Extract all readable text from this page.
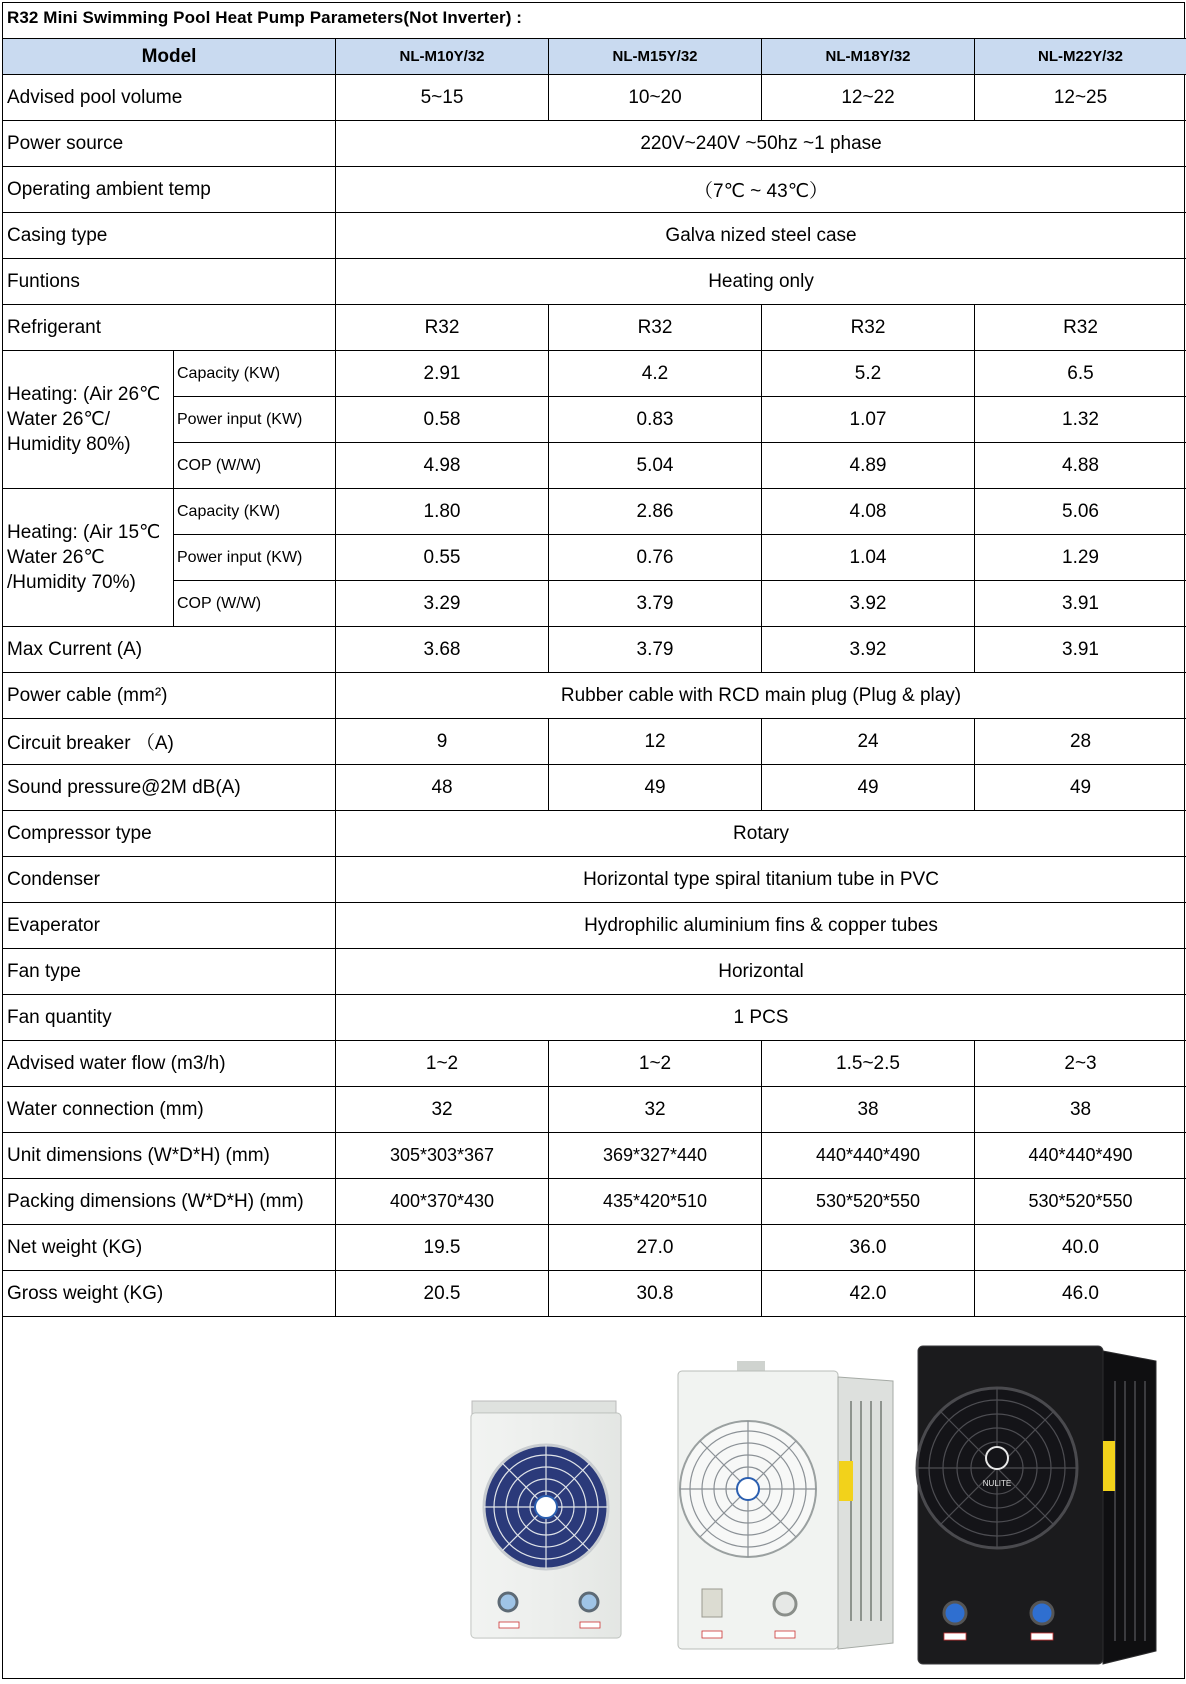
R32 Mini Swimming Pool Heat Pump Parameters(Not Inverter) :
Model		NL-M10Y/32	NL-M15Y/32	NL-M18Y/32	NL-M22Y/32
Advised pool volume		5~15	10~20	12~22	12~25
Power source		220V~240V ~50hz ~1 phase			
Operating ambient temp		（7℃ ~ 43℃）			
Casing type		Galva nized steel case			
Funtions		Heating only			
Refrigerant		R32	R32	R32	R32
Heating: (Air 26℃ Water 26℃/ Humidity 80%)	Capacity (KW)	2.91	4.2	5.2	6.5
	Power input (KW)	0.58	0.83	1.07	1.32
	COP (W/W)	4.98	5.04	4.89	4.88
Heating: (Air 15℃ Water 26℃ /Humidity 70%)	Capacity (KW)	1.80	2.86	4.08	5.06
	Power input (KW)	0.55	0.76	1.04	1.29
	COP (W/W)	3.29	3.79	3.92	3.91
Max Current (A)		3.68	3.79	3.92	3.91
Power cable (mm²)		Rubber cable with RCD main plug (Plug & play)			
Circuit breaker （A)		9	12	24	28
Sound pressure@2M dB(A)		48	49	49	49
Compressor type		Rotary			
Condenser		Horizontal type spiral titanium tube in PVC			
Evaperator		Hydrophilic aluminium fins & copper tubes			
Fan type		Horizontal			
Fan quantity		1 PCS			
Advised water flow (m3/h)		1~2	1~2	1.5~2.5	2~3
Water connection (mm)		32	32	38	38
Unit dimensions (W*D*H) (mm)		305*303*367	369*327*440	440*440*490	440*440*490
Packing dimensions (W*D*H) (mm)		400*370*430	435*420*510	530*520*550	530*520*550
Net weight (KG)		19.5	27.0	36.0	40.0
Gross weight (KG)		20.5	30.8	42.0	46.0
NULITE
